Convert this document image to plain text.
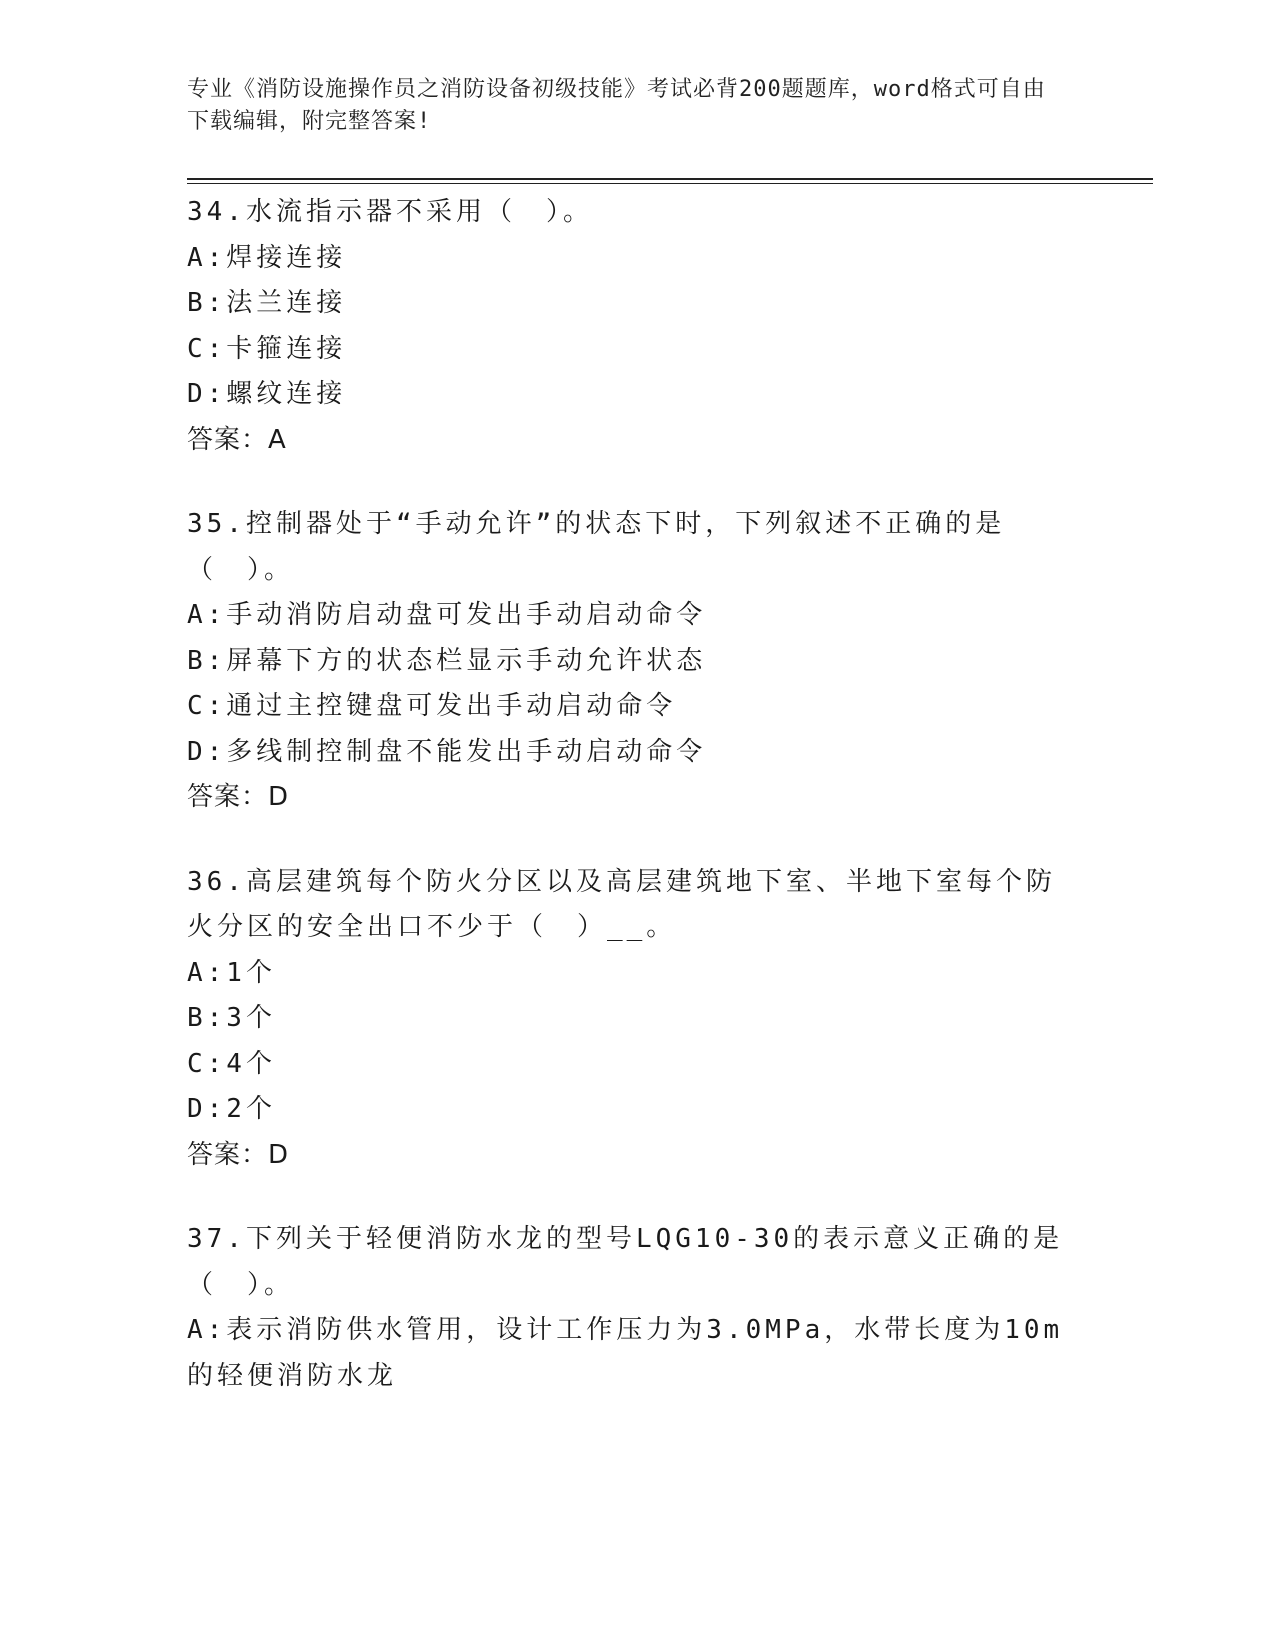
专业《消防设施操作员之消防设备初级技能》考试必背200题题库，word格式可自由下载编辑，附完整答案!
34.水流指示器不采用（　）。
A:焊接连接
B:法兰连接
C:卡箍连接
D:螺纹连接
答案：A
35.控制器处于“手动允许”的状态下时，下列叙述不正确的是（　）。
A:手动消防启动盘可发出手动启动命令
B:屏幕下方的状态栏显示手动允许状态
C:通过主控键盘可发出手动启动命令
D:多线制控制盘不能发出手动启动命令
答案：D
36.高层建筑每个防火分区以及高层建筑地下室、半地下室每个防火分区的安全出口不少于（　）__。
A:1个
B:3个
C:4个
D:2个
答案：D
37.下列关于轻便消防水龙的型号LQG10-30的表示意义正确的是（　）。
A:表示消防供水管用，设计工作压力为3.0MPa，水带长度为10m的轻便消防水龙
